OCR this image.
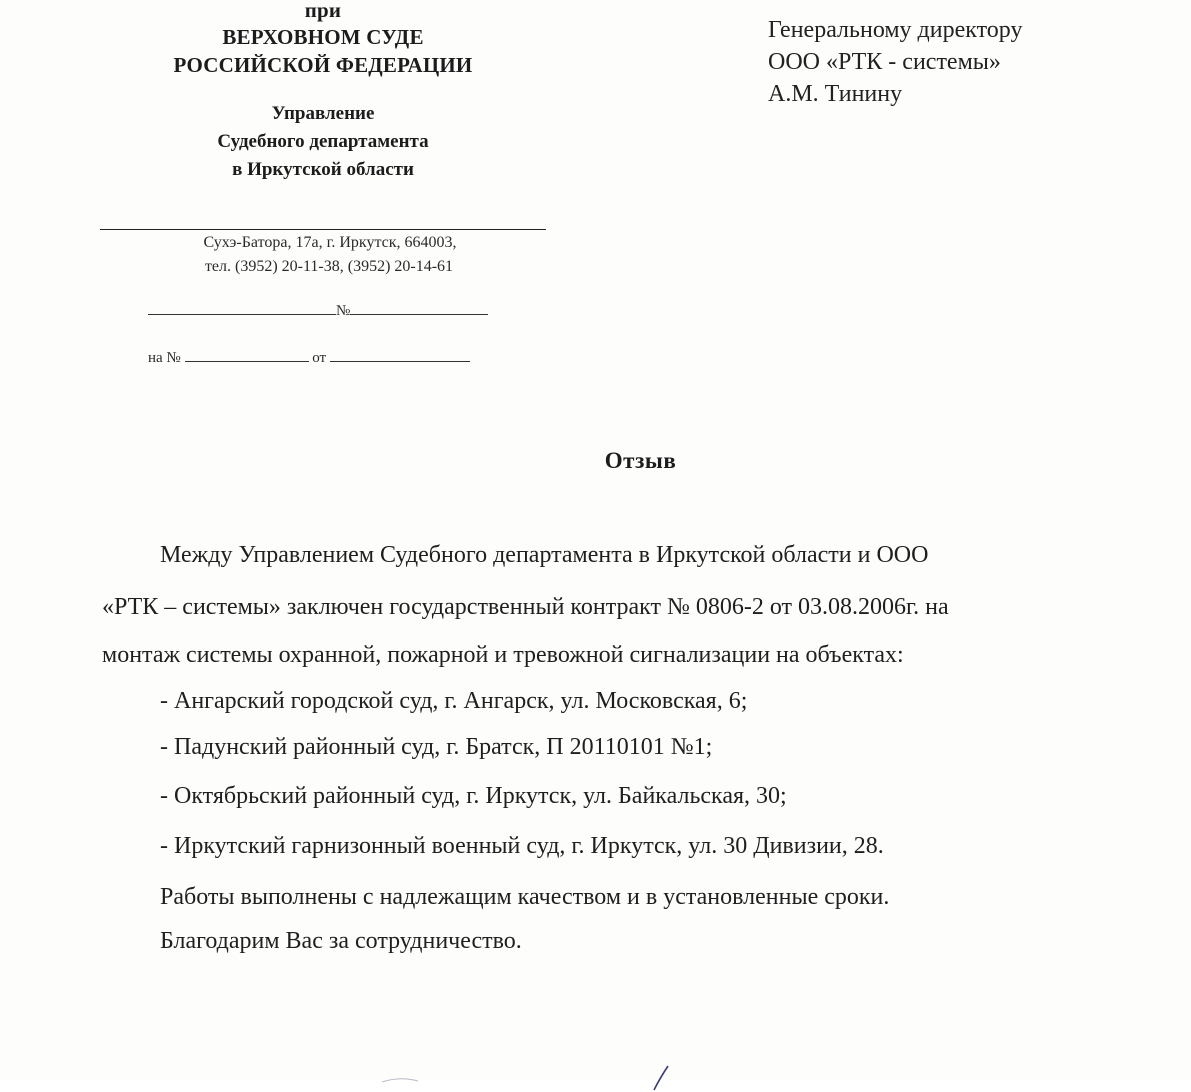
при
ВЕРХОВНОМ СУДЕ
РОССИЙСКОЙ ФЕДЕРАЦИИ
Управление
Судебного департамента
в Иркутской области
Сухэ-Батора, 17а, г. Иркутск, 664003,
тел. (3952) 20-11-38, (3952) 20-14-61
№
на №	от
Генеральному директору
ООО «РТК - системы»
А.М. Тинину
Отзыв
Между Управлением Судебного департамента в Иркутской области и ООО
«РТК – системы» заключен государственный контракт № 0806-2 от 03.08.2006г. на
монтаж системы охранной, пожарной и тревожной сигнализации на объектах:
- Ангарский городской суд, г. Ангарск, ул. Московская, 6;
- Падунский районный суд, г. Братск, П 20110101 №1;
- Октябрьский районный суд, г. Иркутск, ул. Байкальская, 30;
- Иркутский гарнизонный военный суд, г. Иркутск, ул. 30 Дивизии, 28.
Работы выполнены с надлежащим качеством и в установленные сроки.
Благодарим Вас за сотрудничество.
